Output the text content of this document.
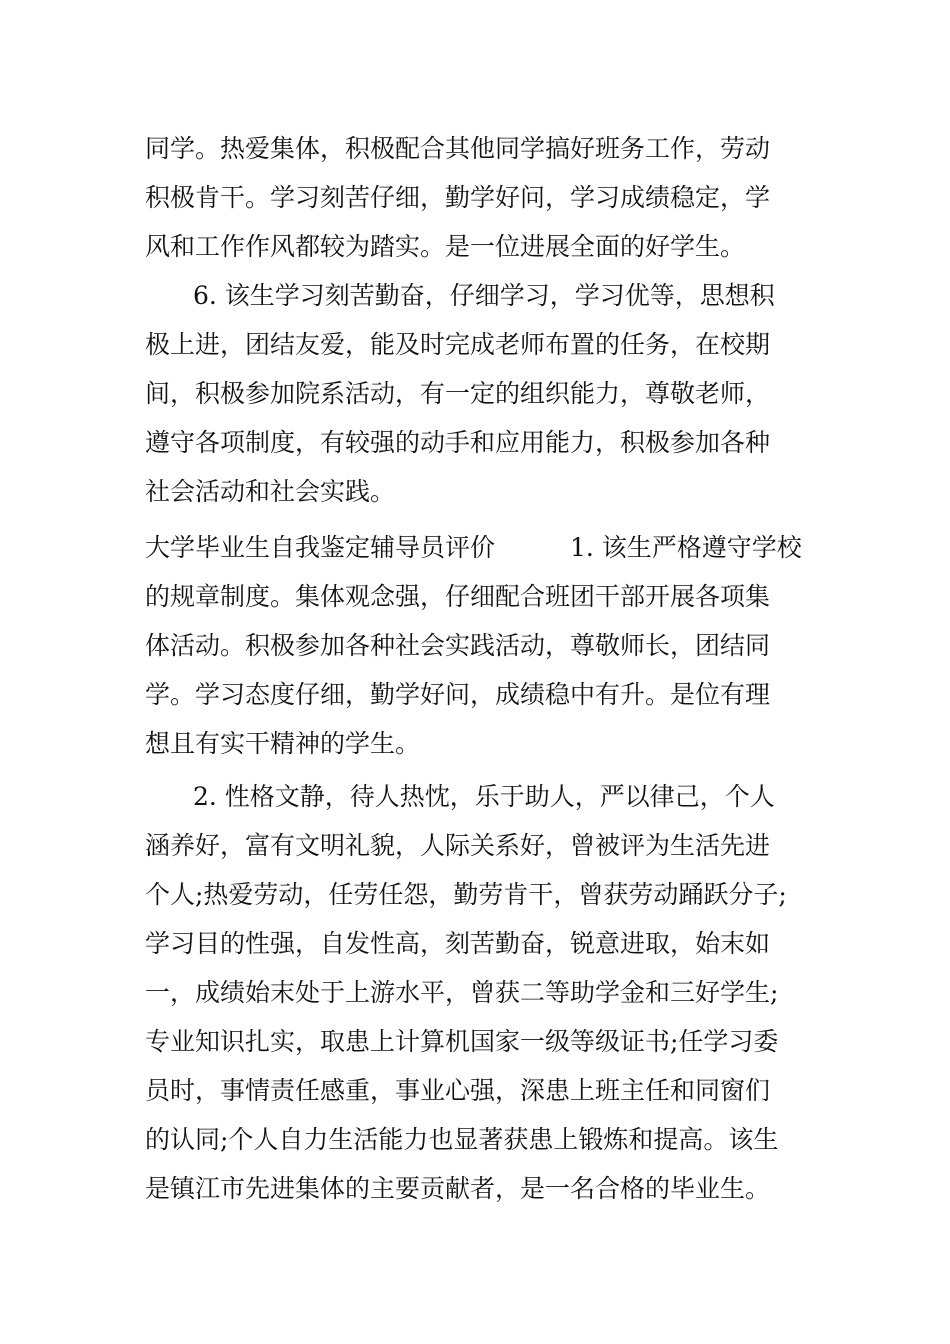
同学。热爱集体，积极配合其他同学搞好班务工作，劳动
积极肯干。学习刻苦仔细，勤学好问，学习成绩稳定，学
风和工作作风都较为踏实。是一位进展全面的好学生。
6. 该生学习刻苦勤奋，仔细学习，学习优等，思想积
极上进，团结友爱，能及时完成老师布置的任务，在校期
间，积极参加院系活动，有一定的组织能力，尊敬老师，
遵守各项制度，有较强的动手和应用能力，积极参加各种
社会活动和社会实践。
大学毕业生自我鉴定辅导员评价　　　1. 该生严格遵守学校
的规章制度。集体观念强，仔细配合班团干部开展各项集
体活动。积极参加各种社会实践活动，尊敬师长，团结同
学。学习态度仔细，勤学好问，成绩稳中有升。是位有理
想且有实干精神的学生。
2. 性格文静，待人热忱，乐于助人，严以律己，个人
涵养好，富有文明礼貌，人际关系好，曾被评为生活先进
个人;热爱劳动，任劳任怨，勤劳肯干，曾获劳动踊跃分子;
学习目的性强，自发性高，刻苦勤奋，锐意进取，始末如
一，成绩始末处于上游水平，曾获二等助学金和三好学生;
专业知识扎实，取患上计算机国家一级等级证书;任学习委
员时，事情责任感重，事业心强，深患上班主任和同窗们
的认同;个人自力生活能力也显著获患上锻炼和提高。该生
是镇江市先进集体的主要贡献者，是一名合格的毕业生。
